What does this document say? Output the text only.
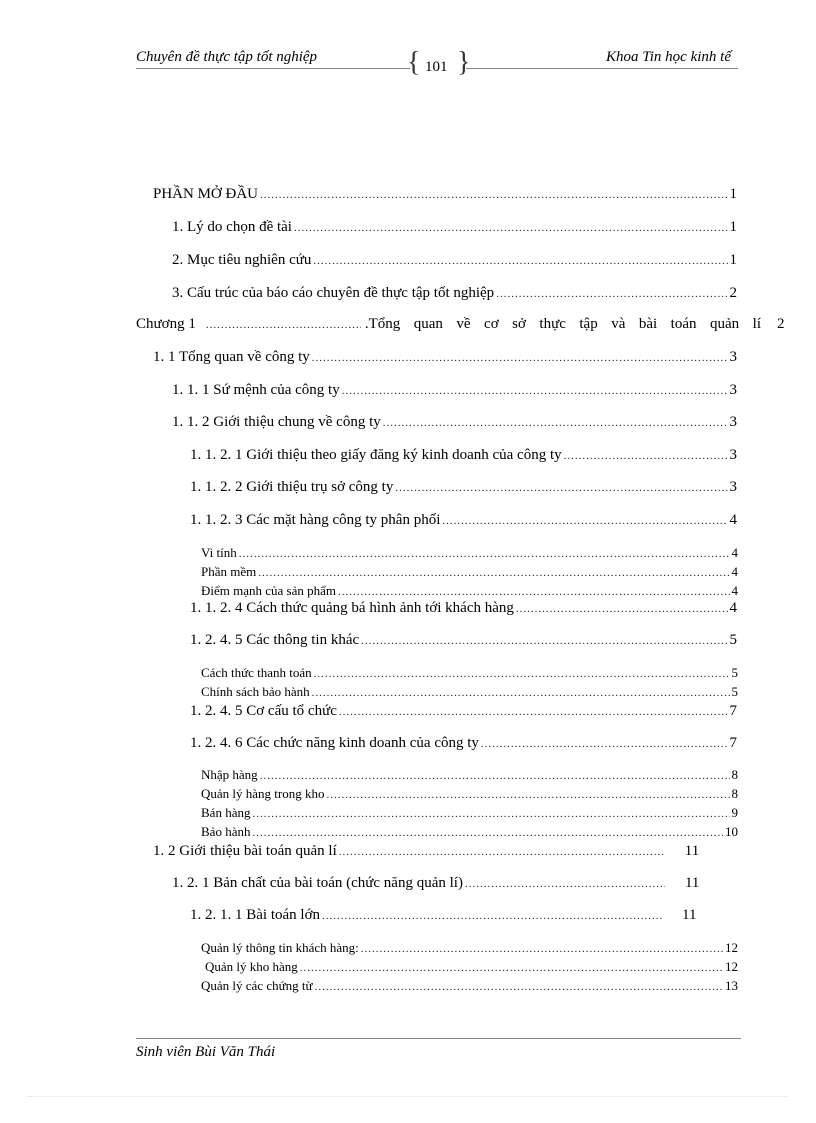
Chuyên đề thực tập tốt nghiệp	{ 101 }	Khoa Tin học kinh tế
PHẦN MỞ ĐẦU .....	1
1. Lý do chọn đề tài .....	1
2. Mục tiêu nghiên cứu .....	1
3. Cấu trúc của báo cáo chuyên đề thực tập tốt nghiệp .....	2
Chương 1 .....	.Tổng quan về cơ sở thực tập và bài toán quản lí 2
1. 1 Tổng quan về công ty .....	3
1. 1. 1 Sứ mệnh của công ty .....	3
1. 1. 2 Giới thiệu chung về công ty .....	3
1. 1. 2. 1 Giới thiệu theo giấy đăng ký kinh doanh của công ty .....	3
1. 1. 2. 2 Giới thiệu trụ sở công ty .....	3
1. 1. 2. 3 Các mặt hàng công ty phân phối .....	4
Vi tính .....	4
Phần mềm .....	4
Điểm mạnh của sản phẩm .....	4
1. 1. 2. 4 Cách thức quảng bá hình ảnh tới khách hàng .....	4
1. 2. 4. 5 Các thông tin khác .....	5
Cách thức thanh toán .....	5
Chính sách bảo hành .....	5
1. 2. 4. 5 Cơ cấu tổ chức .....	7
1. 2. 4. 6 Các chức năng kinh doanh của công ty .....	7
Nhập hàng .....	8
Quản lý hàng trong kho .....	8
Bán hàng .....	9
Bảo hành .....	10
1. 2 Giới thiệu bài toán quản lí .....	11
1. 2. 1 Bản chất của bài toán (chức năng quản lí) .....	11
1. 2. 1. 1 Bài toán lớn .....	11
Quản lý thông tin khách hàng: .....	12
Quản lý kho hàng .....	12
Quản lý các chứng từ .....	13
Sinh viên Bùi Văn Thái
